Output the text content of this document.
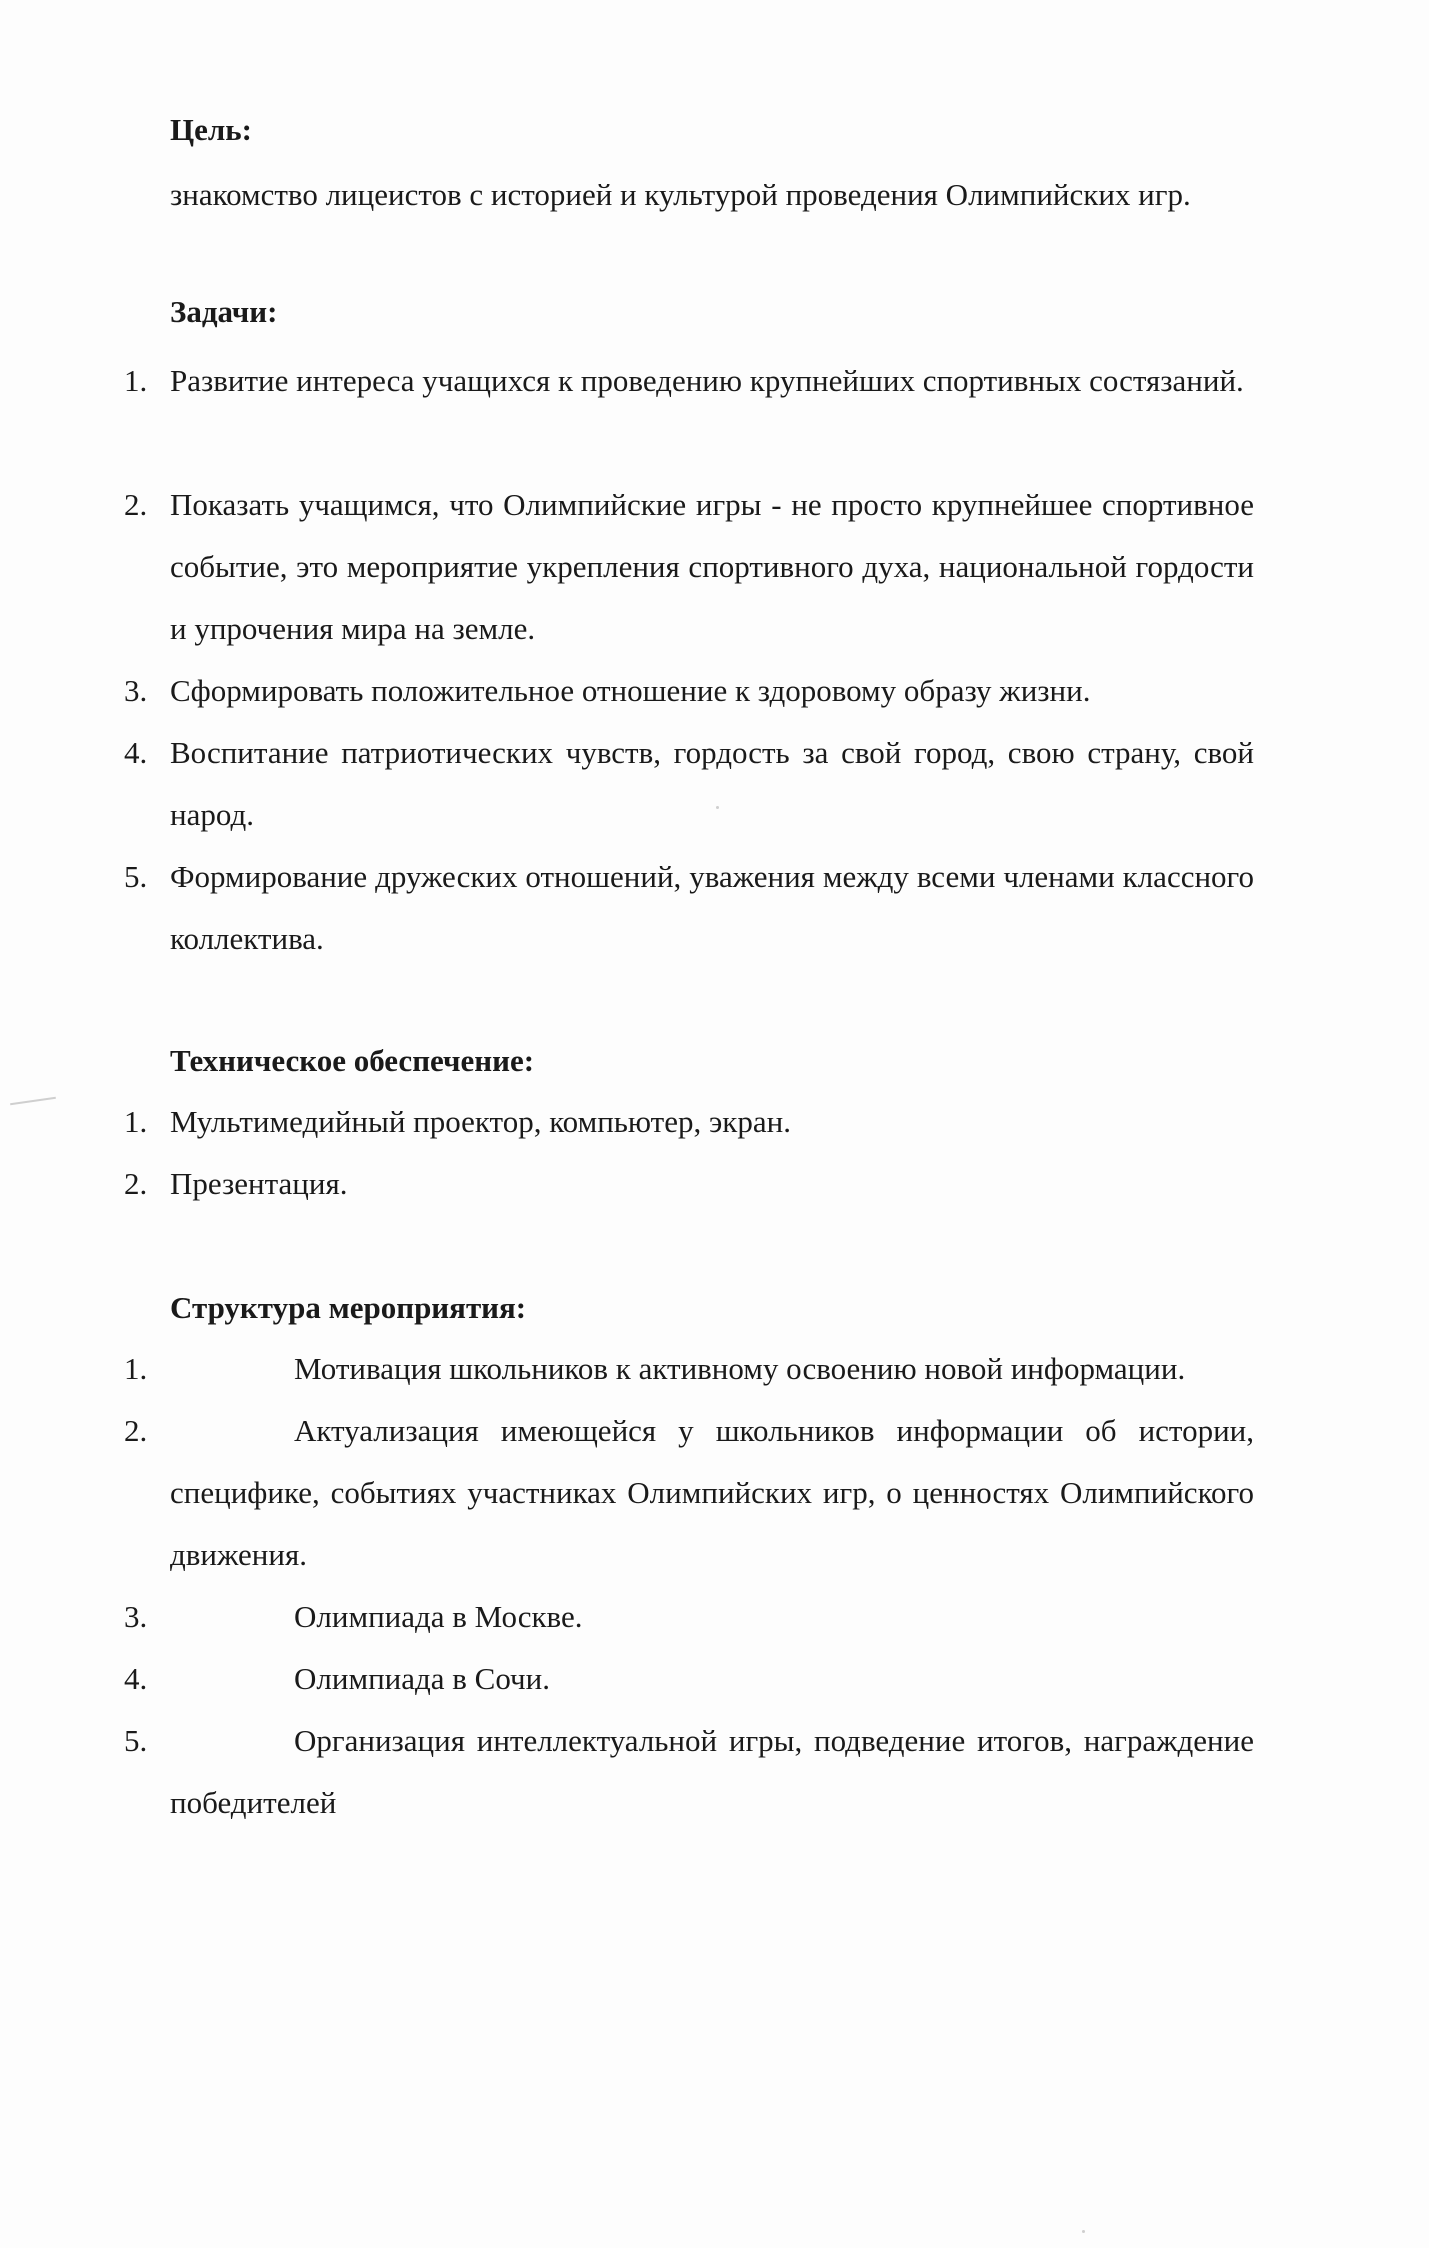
Цель:

знакомство лицеистов с историей и культурой проведения Олимпийских игр.

Задачи:
1. Развитие интереса учащихся к проведению крупнейших спортивных состязаний.
2. Показать учащимся, что Олимпийские игры - не просто крупнейшее спортивное событие, это мероприятие укрепления спортивного духа, национальной гордости и упрочения мира на земле.
3. Сформировать положительное отношение к здоровому образу жизни.
4. Воспитание патриотических чувств, гордость за свой город, свою страну, свой народ.
5. Формирование дружеских отношений, уважения между всеми членами классного коллектива.
Техническое обеспечение:
1. Мультимедийный проектор, компьютер, экран.
2. Презентация.
Структура мероприятия:
1.	Мотивация школьников к активному освоению новой информации.
2.	Актуализация имеющейся у школьников информации об истории, специфике, событиях участниках Олимпийских игр, о ценностях Олимпийского движения.
3.	Олимпиада в Москве.
4.	Олимпиада в Сочи.
5.	Организация интеллектуальной игры, подведение итогов, награждение победителей
